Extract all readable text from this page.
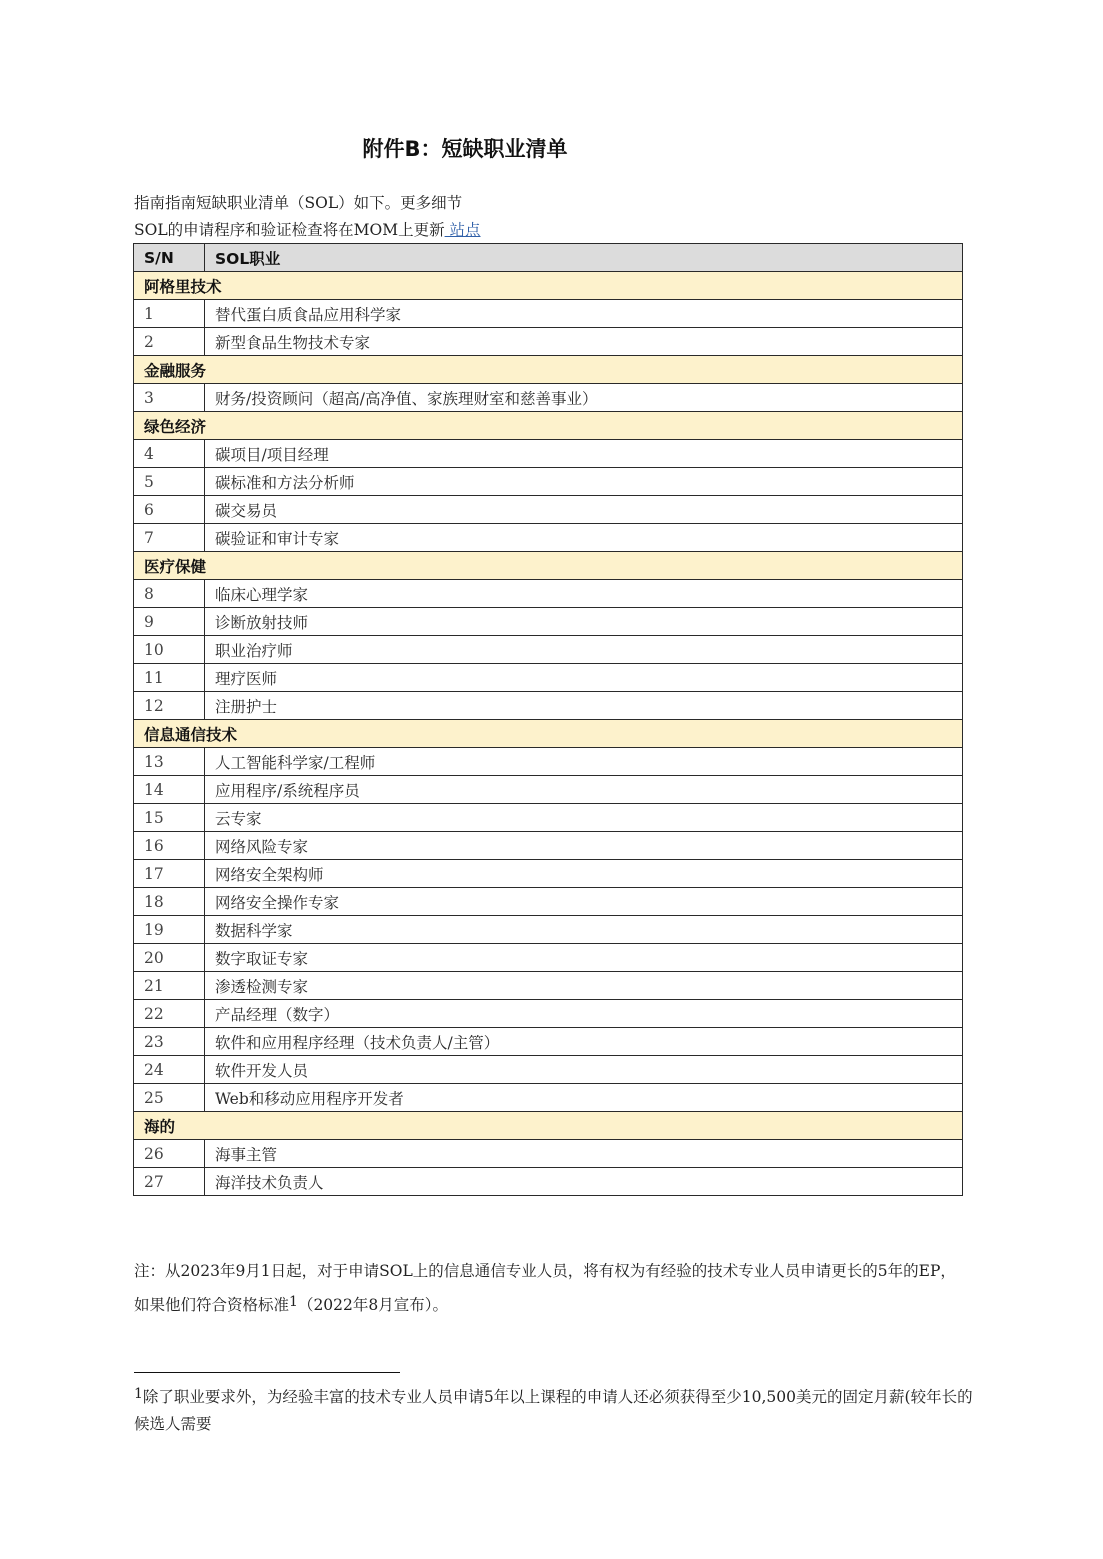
附件B：短缺职业清单
指南指南短缺职业清单（SOL）如下。更多细节
SOL的申请程序和验证检查将在MOM上更新 站点
S/N	SOL职业
阿格里技术	
1	替代蛋白质食品应用科学家
2	新型食品生物技术专家
金融服务	
3	财务/投资顾问（超高/高净值、家族理财室和慈善事业）
绿色经济	
4	碳项目/项目经理
5	碳标准和方法分析师
6	碳交易员
7	碳验证和审计专家
医疗保健	
8	临床心理学家
9	诊断放射技师
10	职业治疗师
11	理疗医师
12	注册护士
信息通信技术	
13	人工智能科学家/工程师
14	应用程序/系统程序员
15	云专家
16	网络风险专家
17	网络安全架构师
18	网络安全操作专家
19	数据科学家
20	数字取证专家
21	渗透检测专家
22	产品经理（数字）
23	软件和应用程序经理（技术负责人/主管）
24	软件开发人员
25	Web和移动应用程序开发者
海的	
26	海事主管
27	海洋技术负责人
注：从2023年9月1日起，对于申请SOL上的信息通信专业人员，将有权为有经验的技术专业人员申请更长的5年的EP，如果他们符合资格标准1（2022年8月宣布）。
1除了职业要求外，为经验丰富的技术专业人员申请5年以上课程的申请人还必须获得至少10,500美元的固定月薪(较年长的候选人需要
